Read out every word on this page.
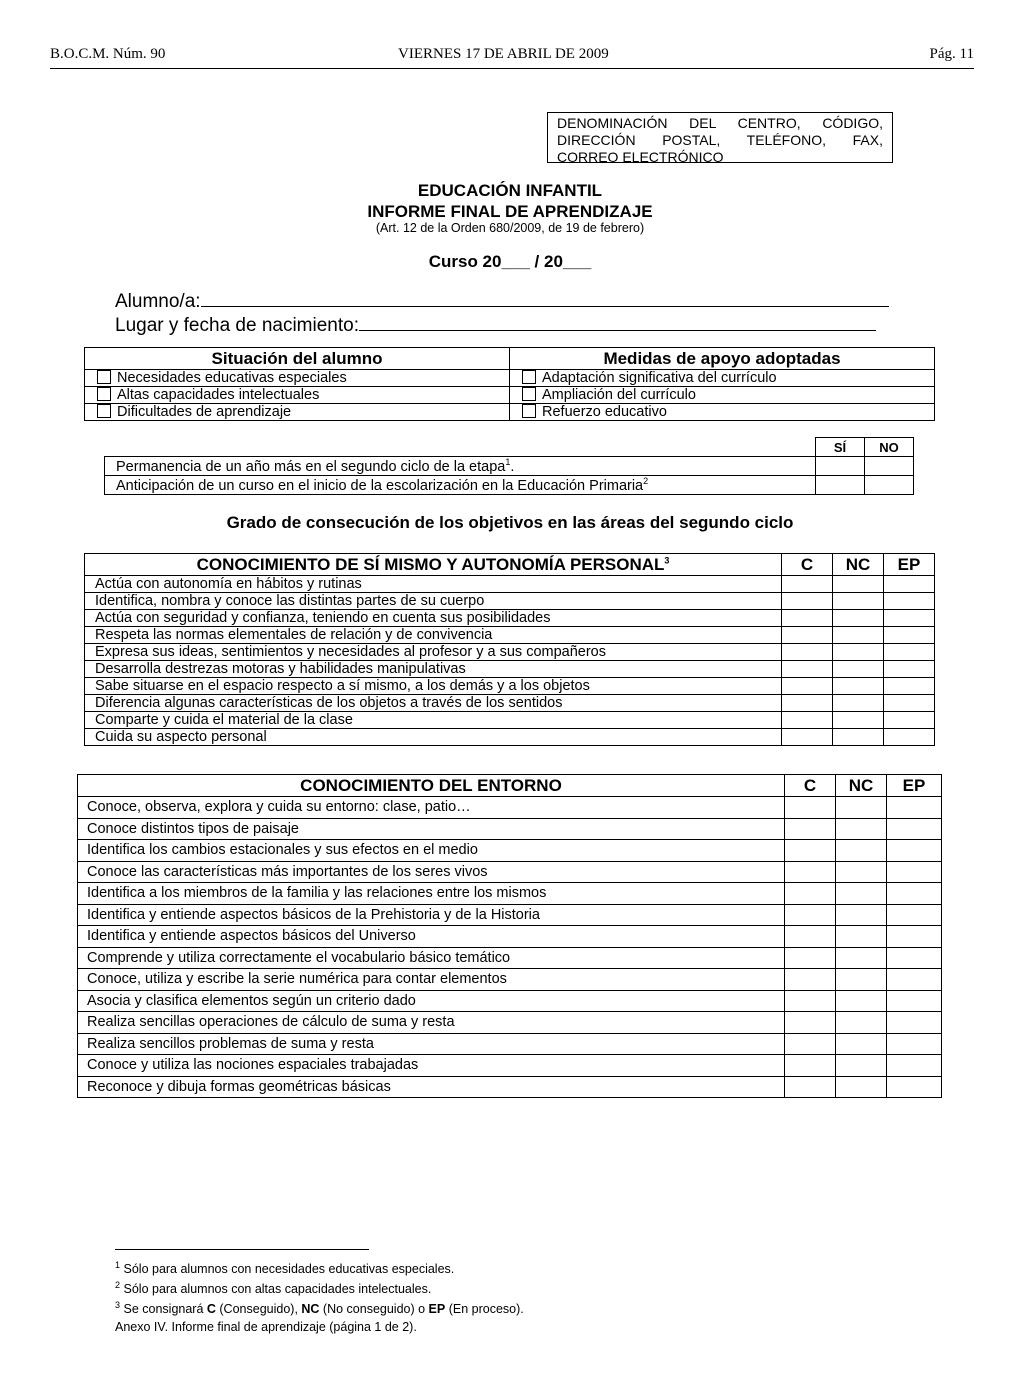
B.O.C.M. Núm. 90	VIERNES 17 DE ABRIL DE 2009	Pág. 11
DENOMINACIÓN DEL CENTRO, CÓDIGO,
DIRECCIÓN POSTAL, TELÉFONO, FAX,
CORREO ELECTRÓNICO
EDUCACIÓN INFANTIL
INFORME FINAL DE APRENDIZAJE
(Art. 12 de la Orden 680/2009, de 19 de febrero)
Curso 20___ / 20___
Alumno/a:
Lugar y fecha de nacimiento:
Situación del alumno	Medidas de apoyo adoptadas
Necesidades educativas especiales	Adaptación significativa del currículo
Altas capacidades intelectuales	Ampliación del currículo
Dificultades de aprendizaje	Refuerzo educativo
	SÍ	NO
Permanencia de un año más en el segundo ciclo de la etapa$^1$.		
Anticipación de un curso en el inicio de la escolarización en la Educación Primaria$^2$		
Grado de consecución de los objetivos en las áreas del segundo ciclo
CONOCIMIENTO DE SÍ MISMO Y AUTONOMÍA PERSONAL$^3$	C	NC	EP
Actúa con autonomía en hábitos y rutinas			
Identifica, nombra y conoce las distintas partes de su cuerpo			
Actúa con seguridad y confianza, teniendo en cuenta sus posibilidades			
Respeta las normas elementales de relación y de convivencia			
Expresa sus ideas, sentimientos y necesidades al profesor y a sus compañeros			
Desarrolla destrezas motoras y habilidades manipulativas			
Sabe situarse en el espacio respecto a sí mismo, a los demás y a los objetos			
Diferencia algunas características de los objetos a través de los sentidos			
Comparte y cuida el material de la clase			
Cuida su aspecto personal			
CONOCIMIENTO DEL ENTORNO	C	NC	EP
Conoce, observa, explora y cuida su entorno: clase, patio…			
Conoce distintos tipos de paisaje			
Identifica los cambios estacionales y sus efectos en el medio			
Conoce las características más importantes de los seres vivos			
Identifica a los miembros de la familia y las relaciones entre los mismos			
Identifica y entiende aspectos básicos de la Prehistoria y de la Historia			
Identifica y entiende aspectos básicos del Universo			
Comprende y utiliza correctamente el vocabulario básico temático			
Conoce, utiliza y escribe la serie numérica para contar elementos			
Asocia y clasifica elementos según un criterio dado			
Realiza sencillas operaciones de cálculo de suma y resta			
Realiza sencillos problemas de suma y resta			
Conoce y utiliza las nociones espaciales trabajadas			
Reconoce y dibuja formas geométricas básicas			
$^1$ Sólo para alumnos con necesidades educativas especiales.
$^2$ Sólo para alumnos con altas capacidades intelectuales.
$^3$ Se consignará C (Conseguido), NC (No conseguido) o EP (En proceso).
Anexo IV. Informe final de aprendizaje (página 1 de 2).
